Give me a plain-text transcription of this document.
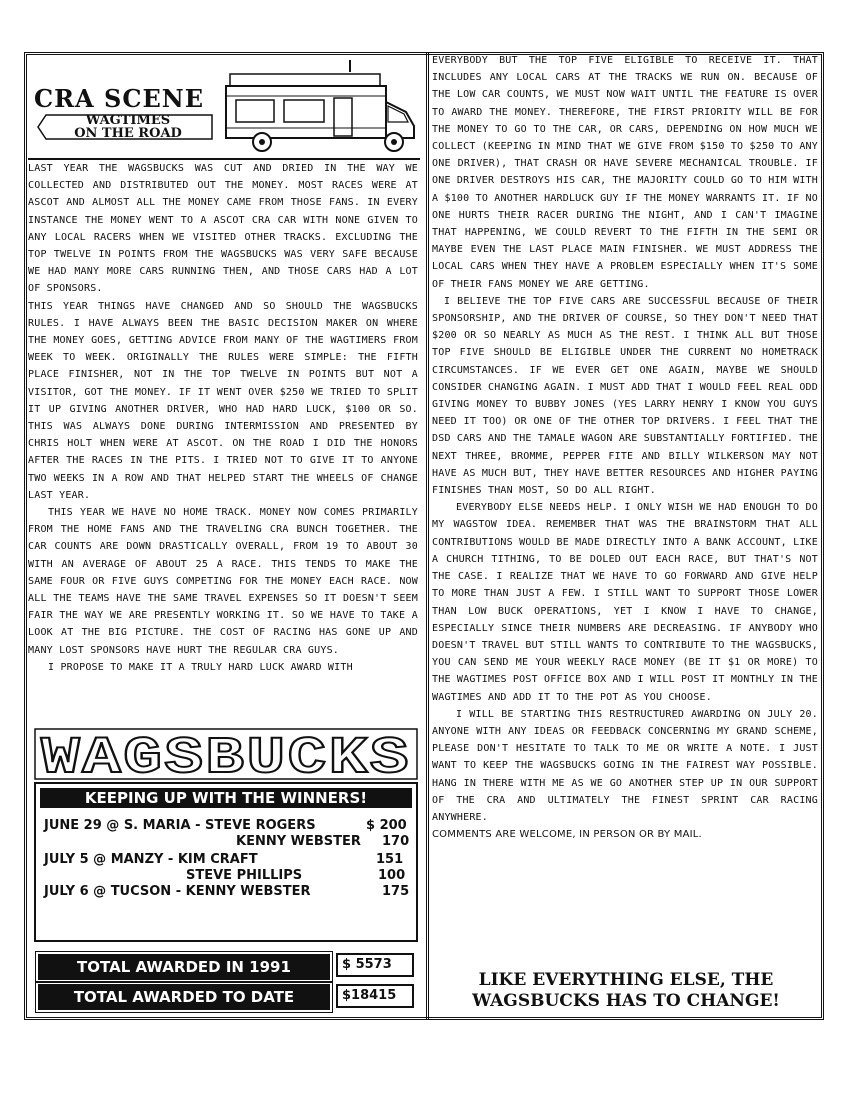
CRA SCENE
WAGTIMES
ON THE ROAD

LAST YEAR THE WAGSBUCKS WAS CUT AND DRIED IN THE WAY WE COLLECTED AND DISTRIBUTED OUT THE MONEY. MOST RACES WERE AT ASCOT AND ALMOST ALL THE MONEY CAME FROM THOSE FANS. IN EVERY INSTANCE THE MONEY WENT TO A ASCOT CRA CAR WITH NONE GIVEN TO ANY LOCAL RACERS WHEN WE VISITED OTHER TRACKS. EXCLUDING THE TOP TWELVE IN POINTS FROM THE WAGSBUCKS WAS VERY SAFE BECAUSE WE HAD MANY MORE CARS RUNNING THEN, AND THOSE CARS HAD A LOT OF SPONSORS.

THIS YEAR THINGS HAVE CHANGED AND SO SHOULD THE WAGSBUCKS RULES. I HAVE ALWAYS BEEN THE BASIC DECISION MAKER ON WHERE THE MONEY GOES, GETTING ADVICE FROM MANY OF THE WAGTIMERS FROM WEEK TO WEEK. ORIGINALLY THE RULES WERE SIMPLE: THE FIFTH PLACE FINISHER, NOT IN THE TOP TWELVE IN POINTS BUT NOT A VISITOR, GOT THE MONEY. IF IT WENT OVER $250 WE TRIED TO SPLIT IT UP GIVING ANOTHER DRIVER, WHO HAD HARD LUCK, $100 OR SO. THIS WAS ALWAYS DONE DURING INTERMISSION AND PRESENTED BY CHRIS HOLT WHEN WERE AT ASCOT. ON THE ROAD I DID THE HONORS AFTER THE RACES IN THE PITS. I TRIED NOT TO GIVE IT TO ANYONE TWO WEEKS IN A ROW AND THAT HELPED START THE WHEELS OF CHANGE LAST YEAR.

THIS YEAR WE HAVE NO HOME TRACK. MONEY NOW COMES PRIMARILY FROM THE HOME FANS AND THE TRAVELING CRA BUNCH TOGETHER. THE CAR COUNTS ARE DOWN DRASTICALLY OVERALL, FROM 19 TO ABOUT 30 WITH AN AVERAGE OF ABOUT 25 A RACE. THIS TENDS TO MAKE THE SAME FOUR OR FIVE GUYS COMPETING FOR THE MONEY EACH RACE. NOW ALL THE TEAMS HAVE THE SAME TRAVEL EXPENSES SO IT DOESN'T SEEM FAIR THE WAY WE ARE PRESENTLY WORKING IT. SO WE HAVE TO TAKE A LOOK AT THE BIG PICTURE. THE COST OF RACING HAS GONE UP AND MANY LOST SPONSORS HAVE HURT THE REGULAR CRA GUYS.

I PROPOSE TO MAKE IT A TRULY HARD LUCK AWARD WITH

EVERYBODY BUT THE TOP FIVE ELIGIBLE TO RECEIVE IT. THAT INCLUDES ANY LOCAL CARS AT THE TRACKS WE RUN ON. BECAUSE OF THE LOW CAR COUNTS, WE MUST NOW WAIT UNTIL THE FEATURE IS OVER TO AWARD THE MONEY. THEREFORE, THE FIRST PRIORITY WILL BE FOR THE MONEY TO GO TO THE CAR, OR CARS, DEPENDING ON HOW MUCH WE COLLECT (KEEPING IN MIND THAT WE GIVE FROM $150 TO $250 TO ANY ONE DRIVER), THAT CRASH OR HAVE SEVERE MECHANICAL TROUBLE. IF ONE DRIVER DESTROYS HIS CAR, THE MAJORITY COULD GO TO HIM WITH A $100 TO ANOTHER HARDLUCK GUY IF THE MONEY WARRANTS IT. IF NO ONE HURTS THEIR RACER DURING THE NIGHT, AND I CAN'T IMAGINE THAT HAPPENING, WE COULD REVERT TO THE FIFTH IN THE SEMI OR MAYBE EVEN THE LAST PLACE MAIN FINISHER. WE MUST ADDRESS THE LOCAL CARS WHEN THEY HAVE A PROBLEM ESPECIALLY WHEN IT'S SOME OF THEIR FANS MONEY WE ARE GETTING.

I BELIEVE THE TOP FIVE CARS ARE SUCCESSFUL BECAUSE OF THEIR SPONSORSHIP, AND THE DRIVER OF COURSE, SO THEY DON'T NEED THAT $200 OR SO NEARLY AS MUCH AS THE REST. I THINK ALL BUT THOSE TOP FIVE SHOULD BE ELIGIBLE UNDER THE CURRENT NO HOMETRACK CIRCUMSTANCES. IF WE EVER GET ONE AGAIN, MAYBE WE SHOULD CONSIDER CHANGING AGAIN. I MUST ADD THAT I WOULD FEEL REAL ODD GIVING MONEY TO BUBBY JONES (YES LARRY HENRY I KNOW YOU GUYS NEED IT TOO) OR ONE OF THE OTHER TOP DRIVERS. I FEEL THAT THE DSD CARS AND THE TAMALE WAGON ARE SUBSTANTIALLY FORTIFIED. THE NEXT THREE, BROMME, PEPPER FITE AND BILLY WILKERSON MAY NOT HAVE AS MUCH BUT, THEY HAVE BETTER RESOURCES AND HIGHER PAYING FINISHES THAN MOST, SO DO ALL RIGHT.

EVERYBODY ELSE NEEDS HELP. I ONLY WISH WE HAD ENOUGH TO DO MY WAGSTOW IDEA. REMEMBER THAT WAS THE BRAINSTORM THAT ALL CONTRIBUTIONS WOULD BE MADE DIRECTLY INTO A BANK ACCOUNT, LIKE A CHURCH TITHING, TO BE DOLED OUT EACH RACE, BUT THAT'S NOT THE CASE. I REALIZE THAT WE HAVE TO GO FORWARD AND GIVE HELP TO MORE THAN JUST A FEW. I STILL WANT TO SUPPORT THOSE LOWER THAN LOW BUCK OPERATIONS, YET I KNOW I HAVE TO CHANGE, ESPECIALLY SINCE THEIR NUMBERS ARE DECREASING. IF ANYBODY WHO DOESN'T TRAVEL BUT STILL WANTS TO CONTRIBUTE TO THE WAGSBUCKS, YOU CAN SEND ME YOUR WEEKLY RACE MONEY (BE IT $1 OR MORE) TO THE WAGTIMES POST OFFICE BOX AND I WILL POST IT MONTHLY IN THE WAGTIMES AND ADD IT TO THE POT AS YOU CHOOSE.

I WILL BE STARTING THIS RESTRUCTURED AWARDING ON JULY 20. ANYONE WITH ANY IDEAS OR FEEDBACK CONCERNING MY GRAND SCHEME, PLEASE DON'T HESITATE TO TALK TO ME OR WRITE A NOTE. I JUST WANT TO KEEP THE WAGSBUCKS GOING IN THE FAIREST WAY POSSIBLE. HANG IN THERE WITH ME AS WE GO ANOTHER STEP UP IN OUR SUPPORT OF THE CRA AND ULTIMATELY THE FINEST SPRINT CAR RACING ANYWHERE.

COMMENTS ARE WELCOME, IN PERSON OR BY MAIL.

WAGSBUCKS
KEEPING UP WITH THE WINNERS!
JUNE 29 @ S. MARIA - STEVE ROGERS	$ 200
KENNY WEBSTER 170
JULY 5 @ MANZY - KIM CRAFT	151
STEVE PHILLIPS	100
JULY 6 @ TUCSON - KENNY WEBSTER	175
TOTAL AWARDED IN 1991	$ 5573
TOTAL AWARDED TO DATE	$18415
LIKE EVERYTHING ELSE, THE
WAGSBUCKS HAS TO CHANGE!
